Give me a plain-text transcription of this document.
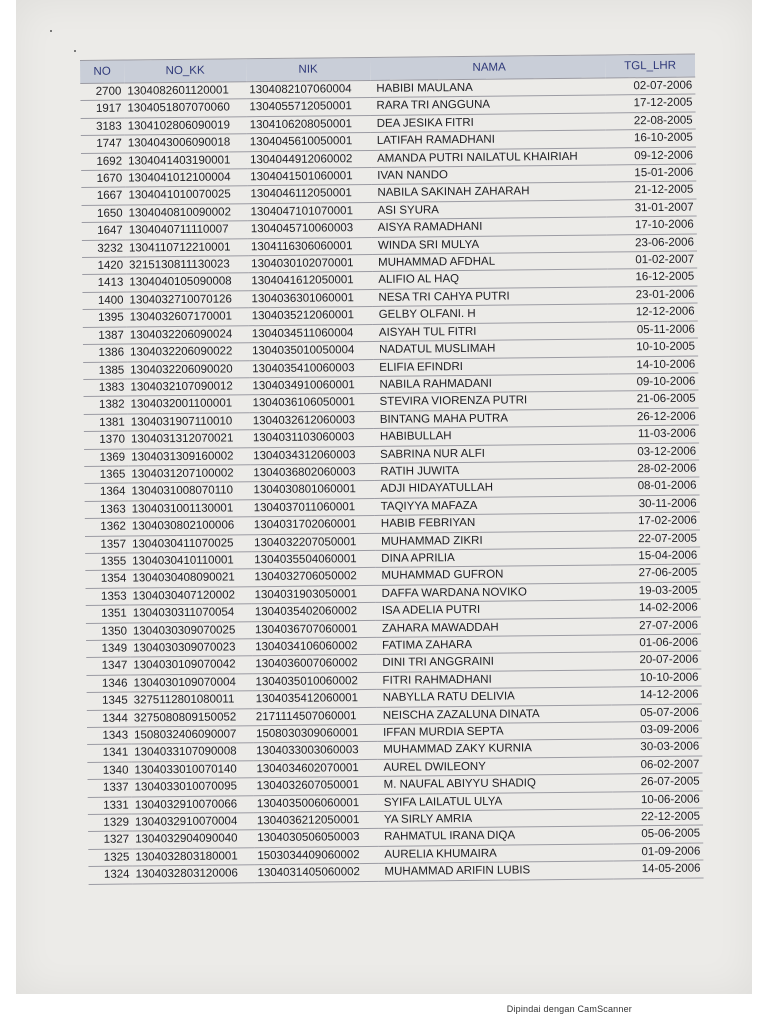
NO	NO_KK	NIK	NAMA	TGL_LHR
2700	1304082601120001	1304082107060004	HABIBI MAULANA	02-07-2006
1917	1304051807070060	1304055712050001	RARA TRI ANGGUNA	17-12-2005
3183	1304102806090019	1304106208050001	DEA JESIKA FITRI	22-08-2005
1747	1304043006090018	1304045610050001	LATIFAH RAMADHANI	16-10-2005
1692	1304041403190001	1304044912060002	AMANDA PUTRI NAILATUL KHAIRIAH	09-12-2006
1670	1304041012100004	1304041501060001	IVAN NANDO	15-01-2006
1667	1304041010070025	1304046112050001	NABILA SAKINAH ZAHARAH	21-12-2005
1650	1304040810090002	1304047101070001	ASI SYURA	31-01-2007
1647	1304040711110007	1304045710060003	AISYA RAMADHANI	17-10-2006
3232	1304110712210001	1304116306060001	WINDA SRI MULYA	23-06-2006
1420	3215130811130023	1304030102070001	MUHAMMAD AFDHAL	01-02-2007
1413	1304040105090008	1304041612050001	ALIFIO AL HAQ	16-12-2005
1400	1304032710070126	1304036301060001	NESA TRI CAHYA PUTRI	23-01-2006
1395	1304032607170001	1304035212060001	GELBY OLFANI. H	12-12-2006
1387	1304032206090024	1304034511060004	AISYAH TUL FITRI	05-11-2006
1386	1304032206090022	1304035010050004	NADATUL MUSLIMAH	10-10-2005
1385	1304032206090020	1304035410060003	ELIFIA EFINDRI	14-10-2006
1383	1304032107090012	1304034910060001	NABILA RAHMADANI	09-10-2006
1382	1304032001100001	1304036106050001	STEVIRA VIORENZA PUTRI	21-06-2005
1381	1304031907110010	1304032612060003	BINTANG MAHA PUTRA	26-12-2006
1370	1304031312070021	1304031103060003	HABIBULLAH	11-03-2006
1369	1304031309160002	1304034312060003	SABRINA NUR ALFI	03-12-2006
1365	1304031207100002	1304036802060003	RATIH JUWITA	28-02-2006
1364	1304031008070110	1304030801060001	ADJI HIDAYATULLAH	08-01-2006
1363	1304031001130001	1304037011060001	TAQIYYA MAFAZA	30-11-2006
1362	1304030802100006	1304031702060001	HABIB FEBRIYAN	17-02-2006
1357	1304030411070025	1304032207050001	MUHAMMAD ZIKRI	22-07-2005
1355	1304030410110001	1304035504060001	DINA APRILIA	15-04-2006
1354	1304030408090021	1304032706050002	MUHAMMAD GUFRON	27-06-2005
1353	1304030407120002	1304031903050001	DAFFA WARDANA NOVIKO	19-03-2005
1351	1304030311070054	1304035402060002	ISA ADELIA PUTRI	14-02-2006
1350	1304030309070025	1304036707060001	ZAHARA MAWADDAH	27-07-2006
1349	1304030309070023	1304034106060002	FATIMA ZAHARA	01-06-2006
1347	1304030109070042	1304036007060002	DINI TRI ANGGRAINI	20-07-2006
1346	1304030109070004	1304035010060002	FITRI RAHMADHANI	10-10-2006
1345	3275112801080011	1304035412060001	NABYLLA RATU DELIVIA	14-12-2006
1344	3275080809150052	2171114507060001	NEISCHA ZAZALUNA DINATA	05-07-2006
1343	1508032406090007	1508030309060001	IFFAN MURDIA SEPTA	03-09-2006
1341	1304033107090008	1304033003060003	MUHAMMAD ZAKY KURNIA	30-03-2006
1340	1304033010070140	1304034602070001	AUREL DWILEONY	06-02-2007
1337	1304033010070095	1304032607050001	M. NAUFAL ABIYYU SHADIQ	26-07-2005
1331	1304032910070066	1304035006060001	SYIFA LAILATUL ULYA	10-06-2006
1329	1304032910070004	1304036212050001	YA SIRLY AMRIA	22-12-2005
1327	1304032904090040	1304030506050003	RAHMATUL IRANA DIQA	05-06-2005
1325	1304032803180001	1503034409060002	AURELIA KHUMAIRA	01-09-2006
1324	1304032803120006	1304031405060002	MUHAMMAD ARIFIN LUBIS	14-05-2006
Dipindai dengan CamScanner
